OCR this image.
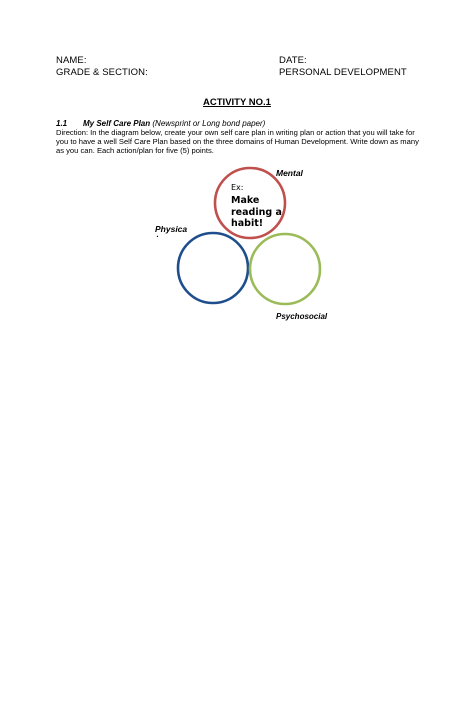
NAME:
GRADE & SECTION:
DATE:
PERSONAL DEVELOPMENT
ACTIVITY NO.1
1.1 My Self Care Plan (Newsprint or Long bond paper)
Direction: In the diagram below, create your own self care plan in writing plan or action that you will take for you to have a well Self Care Plan based on the three domains of Human Development. Write down as many as you can. Each action/plan for five (5) points.
Mental
Physica
·
Psychosocial
Ex:
Make reading a habit!
